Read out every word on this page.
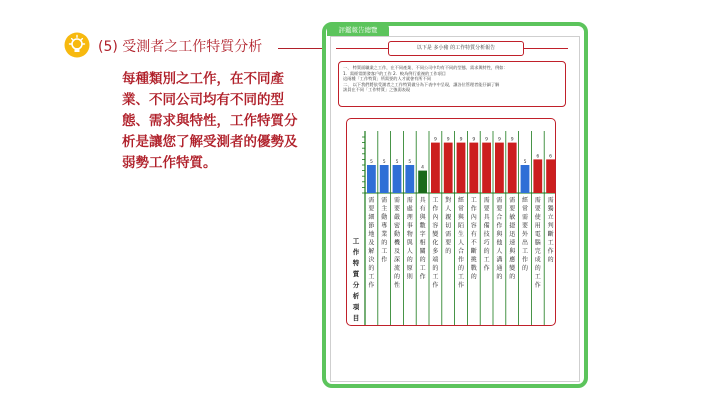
(5) 受測者之工作特質分析
每種類別之工作，在不同產業、不同公司均有不同的型態、需求與特性，工作特質分析是讓您了解受測者的優勢及弱勢工作特質。
評鑑報告總覽
以下是 多小豬 的工作特質分析報告
一、 特質面職業之工作，在不同產業、不同公司中均有不同的型態、需求與特性，例如：
1．需經常開發客戶的工作 2．較為例行重複的工作項目
這兩種「工作特質」所需要的人才就會有所不同
二、 以下我們將依受測者之工作特質做分為下表中中呈現，讓各位管理者能仔細了解
該員在不同「工作特質」之強弱表現
5
需要細節地及解決的工作
5
需主動專業的工作
5
需要嚴密動機及深流的性
5
需處理事物與人的原則
4
具有與數字相關的工作
9
工作內容變化多端的工作
9
對人親切需要的
9
經常與陌生人合作的工作
9
工作內容有不斷挑戰的
9
需要具備技巧的工作
9
需要合作與他人溝通的
9
需要敏捷迅速與應變的
5
經常需要外出工作的
6
需要使用電腦完成的工作
6
需獨立判斷工作的
工作特質分析項目
